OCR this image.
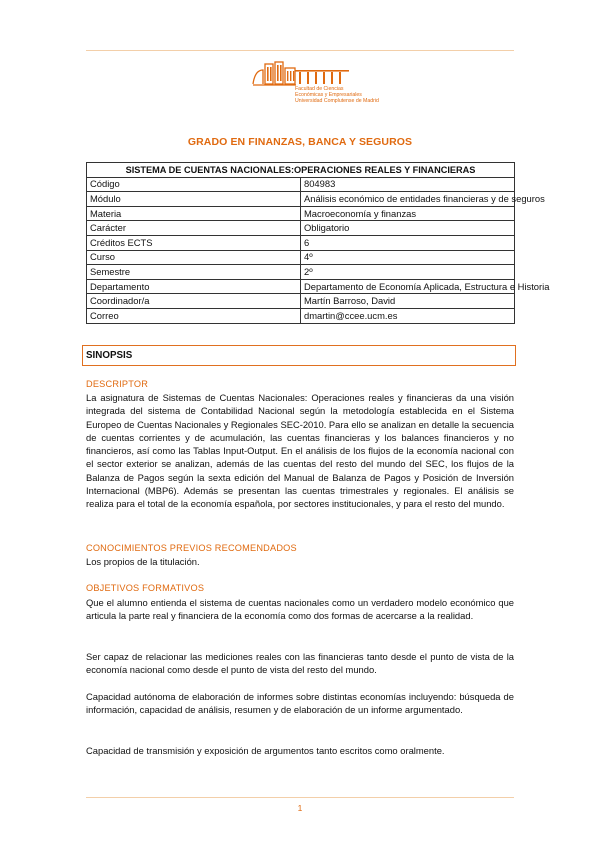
Facultad de Ciencias
Económicas y Empresariales
Universidad Complutense de Madrid
GRADO EN FINANZAS, BANCA Y SEGUROS
SISTEMA DE CUENTAS NACIONALES:OPERACIONES REALES Y FINANCIERAS	
Código	804983
Módulo	Análisis económico de entidades financieras y de seguros
Materia	Macroeconomía y finanzas
Carácter	Obligatorio
Créditos ECTS	6
Curso	4º
Semestre	2º
Departamento	Departamento de Economía Aplicada, Estructura e Historia
Coordinador/a	Martín Barroso, David
Correo	dmartin@ccee.ucm.es
SINOPSIS
DESCRIPTOR
La asignatura de Sistemas de Cuentas Nacionales: Operaciones reales y financieras da una visión integrada del sistema de Contabilidad Nacional según la metodología establecida en el Sistema Europeo de Cuentas Nacionales y Regionales SEC-2010. Para ello se analizan en detalle la secuencia de cuentas corrientes y de acumulación, las cuentas financieras y los balances financieros y no financieros, así como las Tablas Input-Output. En el análisis de los flujos de la economía nacional con el sector exterior se analizan, además de las cuentas del resto del mundo del SEC, los flujos de la Balanza de Pagos según la sexta edición del Manual de Balanza de Pagos y Posición de Inversión Internacional (MBP6). Además se presentan las cuentas trimestrales y regionales. El análisis se realiza para el total de la economía española, por sectores institucionales, y para el resto del mundo.
CONOCIMIENTOS PREVIOS RECOMENDADOS
Los propios de la titulación.
OBJETIVOS FORMATIVOS
Que el alumno entienda el sistema de cuentas nacionales como un verdadero modelo económico que articula la parte real y financiera de la economía como dos formas de acercarse a la realidad.
Ser capaz de relacionar las mediciones reales con las financieras tanto desde el punto de vista de la economía nacional como desde el punto de vista del resto del mundo.
Capacidad autónoma de elaboración de informes sobre distintas economías incluyendo: búsqueda de información, capacidad de análisis, resumen y de elaboración de un informe argumentado.
Capacidad de transmisión y exposición de argumentos tanto escritos como oralmente.
1
